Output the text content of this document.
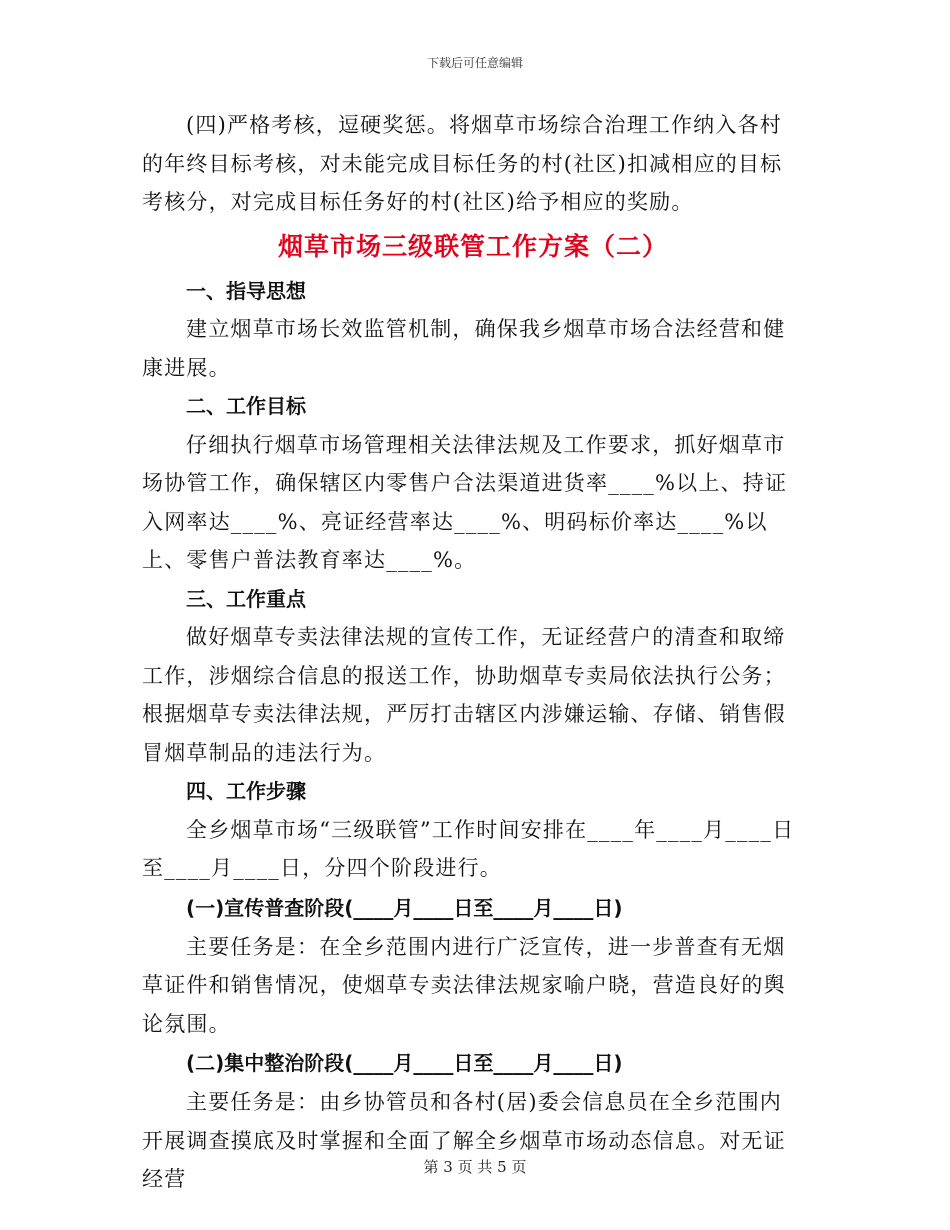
下载后可任意编辑

(四)严格考核，逗硬奖惩。将烟草市场综合治理工作纳入各村的年终目标考核，对未能完成目标任务的村(社区)扣减相应的目标考核分，对完成目标任务好的村(社区)给予相应的奖励。

烟草市场三级联管工作方案（二）

一、指导思想

建立烟草市场长效监管机制，确保我乡烟草市场合法经营和健康进展。

二、工作目标

仔细执行烟草市场管理相关法律法规及工作要求，抓好烟草市场协管工作，确保辖区内零售户合法渠道进货率____%以上、持证入网率达____%、亮证经营率达____%、明码标价率达____%以上、零售户普法教育率达____%。

三、工作重点

做好烟草专卖法律法规的宣传工作，无证经营户的清查和取缔工作，涉烟综合信息的报送工作，协助烟草专卖局依法执行公务；根据烟草专卖法律法规，严厉打击辖区内涉嫌运输、存储、销售假冒烟草制品的违法行为。

四、工作步骤

全乡烟草市场“三级联管”工作时间安排在____年____月____日至____月____日，分四个阶段进行。

(一)宣传普查阶段(____月____日至____月____日)

主要任务是：在全乡范围内进行广泛宣传，进一步普查有无烟草证件和销售情况，使烟草专卖法律法规家喻户晓，营造良好的舆论氛围。

(二)集中整治阶段(____月____日至____月____日)

主要任务是：由乡协管员和各村(居)委会信息员在全乡范围内开展调查摸底及时掌握和全面了解全乡烟草市场动态信息。对无证经营	第 3 页 共 5 页
